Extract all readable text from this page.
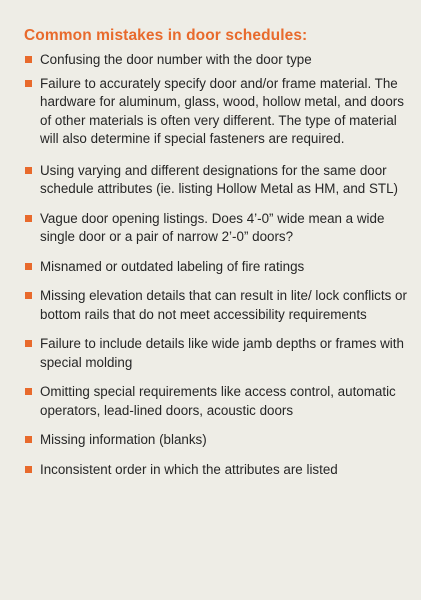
Common mistakes in door schedules:
Confusing the door number with the door type
Failure to accurately specify door and/or frame material. The hardware for aluminum, glass, wood, hollow metal, and doors of other materials is often very different. The type of material will also determine if special fasteners are required.
Using varying and different designations for the same door schedule attributes (ie. listing Hollow Metal as HM, and STL)
Vague door opening listings. Does 4’-0” wide mean a wide single door or a pair of narrow 2’-0” doors?
Misnamed or outdated labeling of fire ratings
Missing elevation details that can result in lite/ lock conflicts or bottom rails that do not meet accessibility requirements
Failure to include details like wide jamb depths or frames with special molding
Omitting special requirements like access control, automatic operators, lead-lined doors, acoustic doors
Missing information (blanks)
Inconsistent order in which the attributes are listed
